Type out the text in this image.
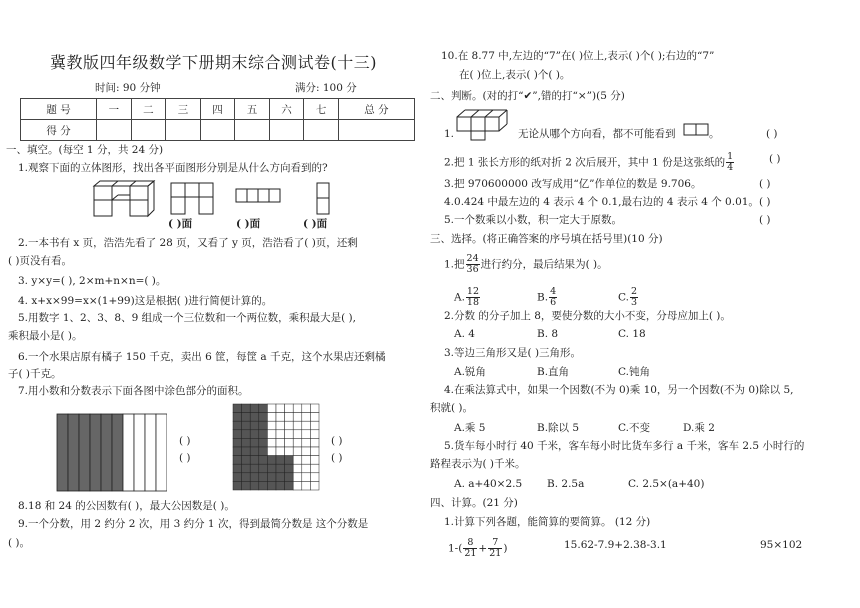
冀教版四年级数学下册期末综合测试卷(十三)
时间: 90 分钟	满分: 100 分
题 号	一	二	三	四	五	六	七	总 分
得 分								
一、填空。(每空 1 分，共 24 分)
1.观察下面的立体图形，找出各平面图形分别是从什么方向看到的?
( )面	( )面	( )面
2.一本书有 x 页，浩浩先看了 28 页，又看了 y 页，浩浩看了( )页，还剩
( )页没有看。
3. y×y=( ), 2×m+n×n=( )。
4. x+x×99=x×(1+99)这是根据( )进行简便计算的。
5.用数字 1、2、3、8、9 组成一个三位数和一个两位数，乘积最大是( ),
乘积最小是( )。
6.一个水果店原有橘子 150 千克，卖出 6 筐，每筐 a 千克，这个水果店还剩橘
子( )千克。
7.用小数和分数表示下面各图中涂色部分的面积。
( )
( )
( )
( )
8.18 和 24 的公因数有( )，最大公因数是( )。
9.一个分数，用 2 约分 2 次，用 3 约分 1 次，得到最简分数是 这个分数是
( )。
10.在 8.77 中,左边的“7”在( )位上,表示( )个( );右边的“7”
在( )位上,表示( )个( )。
二、判断。(对的打“✔”,错的打“×”)(5 分)
1.	无论从哪个方向看，都不可能看到	。	( )
2.把 1 张长方形的纸对折 2 次后展开，其中 1 份是这张纸的 $\frac{1}{4}$	( )
3.把 970600000 改写成用“亿”作单位的数是 9.706。	( )
4.0.424 中最左边的 4 表示 4 个 0.1,最右边的 4 表示 4 个 0.01。 ( )
5.一个数乘以小数，积一定大于原数。	( )
三、选择。(将正确答案的序号填在括号里)(10 分)
1.把 $\frac{24}{36}$ 进行约分，最后结果为( )。
A. $\frac{12}{18}$	B. $\frac{4}{6}$	C. $\frac{2}{3}$
2.分数 的分子加上 8，要使分数的大小不变，分母应加上( )。
A. 4	B. 8	C. 18
3.等边三角形又是( )三角形。
A.锐角	B.直角	C.钝角
4.在乘法算式中，如果一个因数(不为 0)乘 10，另一个因数(不为 0)除以 5,
积就( )。
A.乘 5	B.除以 5	C.不变	D.乘 2
5.货车每小时行 40 千米，客车每小时比货车多行 a 千米，客车 2.5 小时行的
路程表示为( )千米。
A. a+40×2.5 B. 2.5a	C. 2.5×(a+40)
四、计算。(21 分)
1.计算下列各题，能简算的要简算。 (12 分)
$1-( \frac{8}{21} + \frac{7}{21}$ )	15.62-7.9+2.38-3.1	95×102
